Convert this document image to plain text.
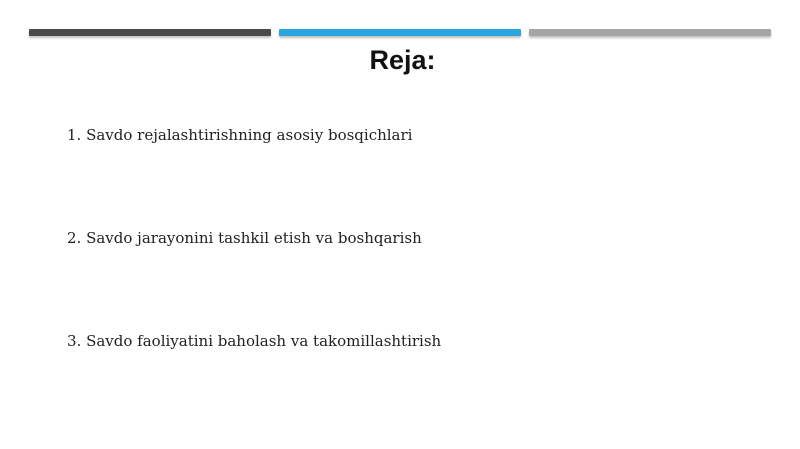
Reja:
1. Savdo rejalashtirishning asosiy bosqichlari
2. Savdo jarayonini tashkil etish va boshqarish
3. Savdo faoliyatini baholash va takomillashtirish
